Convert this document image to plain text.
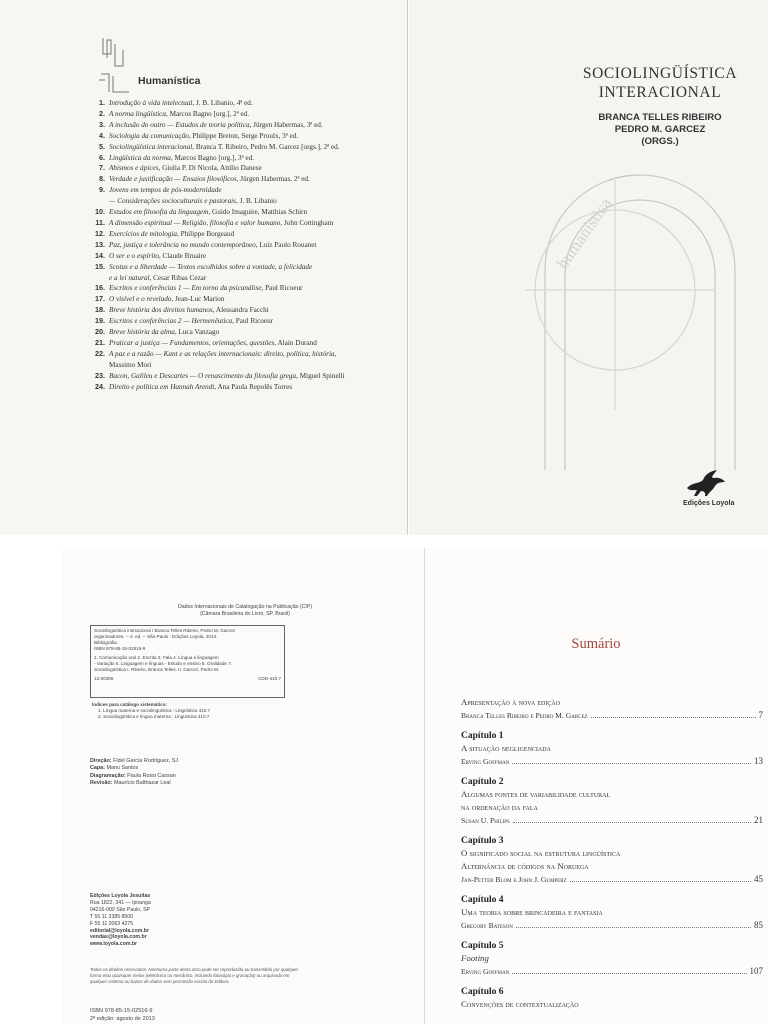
Humanística
1. Introdução à vida intelectual, J. B. Libanio, 4ª ed.
2. A norma lingüística, Marcos Bagno [org.], 2ª ed.
3. A inclusão do outro — Estudos de teoria política, Jürgen Habermas, 3ª ed.
4. Sociologia da comunicação, Philippe Breton, Serge Proulx, 3ª ed.
5. Sociolingüística interacional, Branca T. Ribeiro, Pedro M. Garcez [orgs.], 2ª ed.
6. Lingüística da norma, Marcos Bagno [org.], 3ª ed.
7. Abismos e ápices, Giulia P. Di Nicola, Attilio Danese
8. Verdade e justificação — Ensaios filosóficos, Jürgen Habermas, 2ª ed.
9. Jovens em tempos de pós-modernidade
— Considerações socioculturais e pastorais, J. B. Libanio
10. Estudos em filosofia da linguagem, Guido Imaguire, Matthias Schirn
11. A dimensão espiritual — Religião, filosofia e valor humano, John Cottingham
12. Exercícios de mitologia, Philippe Borgeaud
13. Paz, justiça e tolerância no mundo contemporâneo, Luiz Paulo Rouanet
14. O ser e o espírito, Claude Bruaire
15. Scotus e a liberdade — Textos escolhidos sobre a vontade, a felicidade
e a lei natural, Cesar Ribas Cezar
16. Escritos e conferências 1 — Em torno da psicanálise, Paul Ricoeur
17. O visível e o revelado, Jean-Luc Marion
18. Breve história dos direitos humanos, Alessandra Facchi
19. Escritos e conferências 2 — Hermenêutica, Paul Ricoeur
20. Breve história da alma, Luca Vanzago
21. Praticar a justiça — Fundamentos, orientações, questões, Alain Durand
22. A paz e a razão — Kant e as relações internacionais: direito, política, história,
Massimo Mori
23. Bacon, Galileu e Descartes — O renascimento da filosofia grega, Miguel Spinelli
24. Direito e política em Hannah Arendt, Ana Paula Repolês Torres
humanística
SOCIOLINGÜÍSTICA
INTERACIONAL
BRANCA TELLES RIBEIRO
PEDRO M. GARCEZ
(ORGS.)
Edições Loyola
Dados Internacionais de Catalogação na Publicação (CIP)
(Câmara Brasileira do Livro, SP, Brasil)
Sociolingüística interacional / Branca Telles Ribeiro, Pedro M. Garcez
organizadores. -- 2. ed. -- São Paulo : Edições Loyola, 2013.
Bibliografia.
ISBN 978-85-15-02516-9
1. Comunicação oral 2. Escrita 3. Fala 4. Língua e linguagem
- Variação 5. Linguagem e línguas - Estudo e ensino 6. Oralidade 7.
Sociolingüística I. Ribeiro, Branca Telles. II. Garcez, Pedro M.
13-00368	CDD-410.7
Índices para catálogo sistemático:
1. Língua materna e sociolingüística : Lingüística 410.7
2. Sociolingüística e língua materna : Lingüística 410.7
Direção: Fidel García Rodríguez, SJ
Capa: Manu Santos
Diagramação: Paula Rossi Cassan
Revisão: Maurício Balthazar Leal
Edições Loyola Jesuítas
Rua 1822, 341 — Ipiranga
04216-000 São Paulo, SP
T 55 11 3385 8500
F 55 11 2063 4275
editorial@loyola.com.br
vendas@loyola.com.br
www.loyola.com.br
Todos os direitos reservados. Nenhuma parte desta obra pode ser reproduzida ou transmitida por qualquer forma e/ou quaisquer meios (eletrônico ou mecânico, incluindo fotocópia e gravação) ou arquivada em qualquer sistema ou banco de dados sem permissão escrita da Editora.
ISBN 978-85-15-02516-9
2ª edição: agosto de 2013
Sumário
Apresentação à nova edição
Branca Telles Ribeiro e Pedro M. Garcez	7
Capítulo 1
A situação negligenciada
Erving Goffman	13
Capítulo 2
Algumas fontes de variabilidade cultural
na ordenação da fala
Susan U. Philips	21
Capítulo 3
O significado social na estrutura lingüística
Alternância de códigos na Noruega
Jan-Petter Blom e John J. Gumperz	45
Capítulo 4
Uma teoria sobre brincadeira e fantasia
Gregory Bateson	85
Capítulo 5
Footing
Erving Goffman	107
Capítulo 6
Convenções de contextualização
